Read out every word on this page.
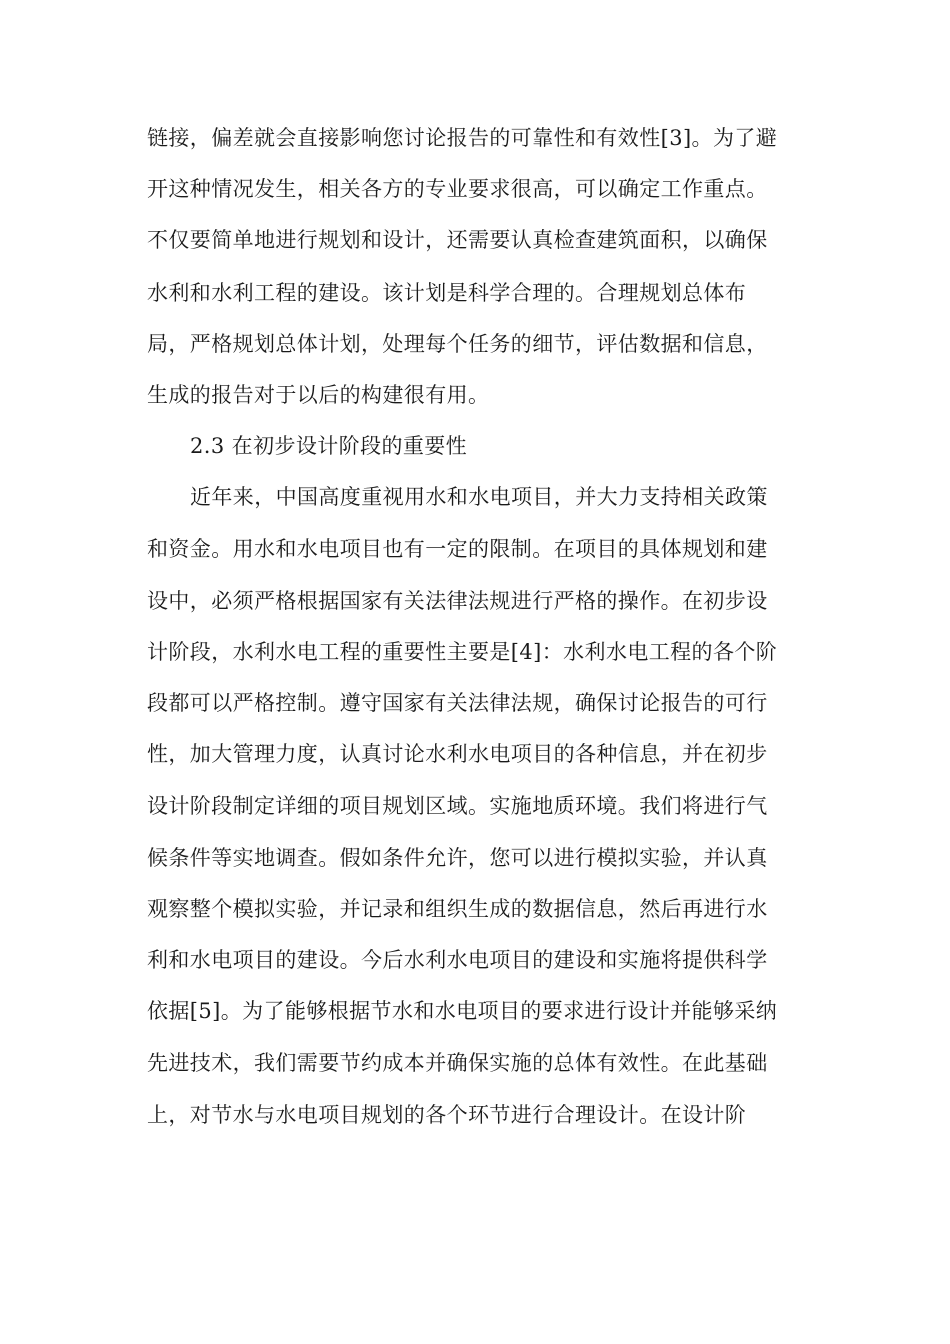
链接，偏差就会直接影响您讨论报告的可靠性和有效性[3]。为了避
开这种情况发生，相关各方的专业要求很高，可以确定工作重点。
不仅要简单地进行规划和设计，还需要认真检查建筑面积，以确保
水利和水利工程的建设。该计划是科学合理的。合理规划总体布
局，严格规划总体计划，处理每个任务的细节，评估数据和信息，
生成的报告对于以后的构建很有用。
2.3 在初步设计阶段的重要性
近年来，中国高度重视用水和水电项目，并大力支持相关政策
和资金。用水和水电项目也有一定的限制。在项目的具体规划和建
设中，必须严格根据国家有关法律法规进行严格的操作。在初步设
计阶段，水利水电工程的重要性主要是[4]：水利水电工程的各个阶
段都可以严格控制。遵守国家有关法律法规，确保讨论报告的可行
性，加大管理力度，认真讨论水利水电项目的各种信息，并在初步
设计阶段制定详细的项目规划区域。实施地质环境。我们将进行气
候条件等实地调查。假如条件允许，您可以进行模拟实验，并认真
观察整个模拟实验，并记录和组织生成的数据信息，然后再进行水
利和水电项目的建设。今后水利水电项目的建设和实施将提供科学
依据[5]。为了能够根据节水和水电项目的要求进行设计并能够采纳
先进技术，我们需要节约成本并确保实施的总体有效性。在此基础
上，对节水与水电项目规划的各个环节进行合理设计。在设计阶
